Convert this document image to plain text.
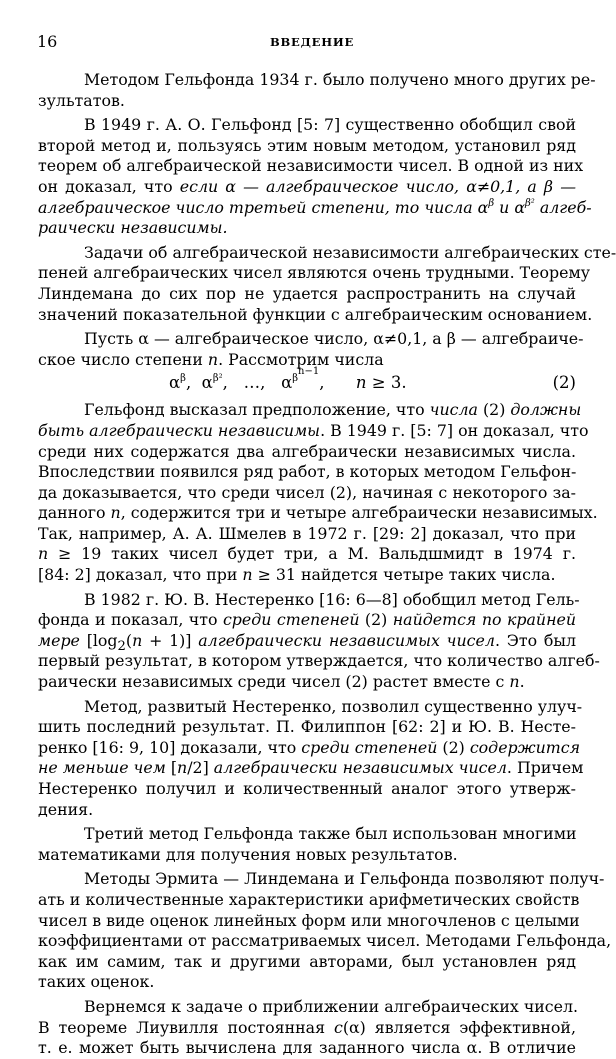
16	ВВЕДЕНИЕ
Методом Гельфонда 1934 г. было получено много других ре-
зультатов.
В 1949 г. А. О. Гельфонд [5: 7] существенно обобщил свой
второй метод и, пользуясь этим новым методом, установил ряд
теорем об алгебраической независимости чисел. В одной из них
он доказал, что если α — алгебраическое число, α≠0,1, а β —
алгебраическое число третьей степени, то числа $\alpha^\beta$ и $\alpha^{\beta^2}$ алгеб-
раически независимы.
Задачи об алгебраической независимости алгебраических сте-
пеней алгебраических чисел являются очень трудными. Теорему
Линдемана до сих пор не удается распространить на случай
значений показательной функции с алгебраическим основанием.
Пусть α — алгебраическое число, α≠0,1, а β — алгебраиче-
ское число степени n. Рассмотрим числа
$\alpha^\beta$,  $\alpha^{\beta^2}$,   …,   $\alpha^{\beta^{n-1}}$,      n ≥ 3.	(2)
Гельфонд высказал предположение, что числа (2) должны
быть алгебраически независимы. В 1949 г. [5: 7] он доказал, что
среди них содержатся два алгебраически независимых числа.
Впоследствии появился ряд работ, в которых методом Гельфон-
да доказывается, что среди чисел (2), начиная с некоторого за-
данного n, содержится три и четыре алгебраически независимых.
Так, например, А. А. Шмелев в 1972 г. [29: 2] доказал, что при
n ≥ 19 таких чисел будет три, а М. Вальдшмидт в 1974 г.
[84: 2] доказал, что при n ≥ 31 найдется четыре таких числа.
В 1982 г. Ю. В. Нестеренко [16: 6—8] обобщил метод Гель-
фонда и показал, что среди степеней (2) найдется по крайней
мере $[\log_2(n + 1)]$ алгебраически независимых чисел. Это был
первый результат, в котором утверждается, что количество алгеб-
раически независимых среди чисел (2) растет вместе с n.
Метод, развитый Нестеренко, позволил существенно улуч-
шить последний результат. П. Филиппон [62: 2] и Ю. В. Несте-
ренко [16: 9, 10] доказали, что среди степеней (2) содержится
не меньше чем [n/2] алгебраически независимых чисел. Причем
Нестеренко получил и количественный аналог этого утверж-
дения.
Третий метод Гельфонда также был использован многими
математиками для получения новых результатов.
Методы Эрмита — Линдемана и Гельфонда позволяют получ-
ать и количественные характеристики арифметических свойств
чисел в виде оценок линейных форм или многочленов с целыми
коэффициентами от рассматриваемых чисел. Методами Гельфонда,
как им самим, так и другими авторами, был установлен ряд
таких оценок.
Вернемся к задаче о приближении алгебраических чисел.
В теореме Лиувилля постоянная c(α) является эффективной,
т. е. может быть вычислена для заданного числа α. В отличие
